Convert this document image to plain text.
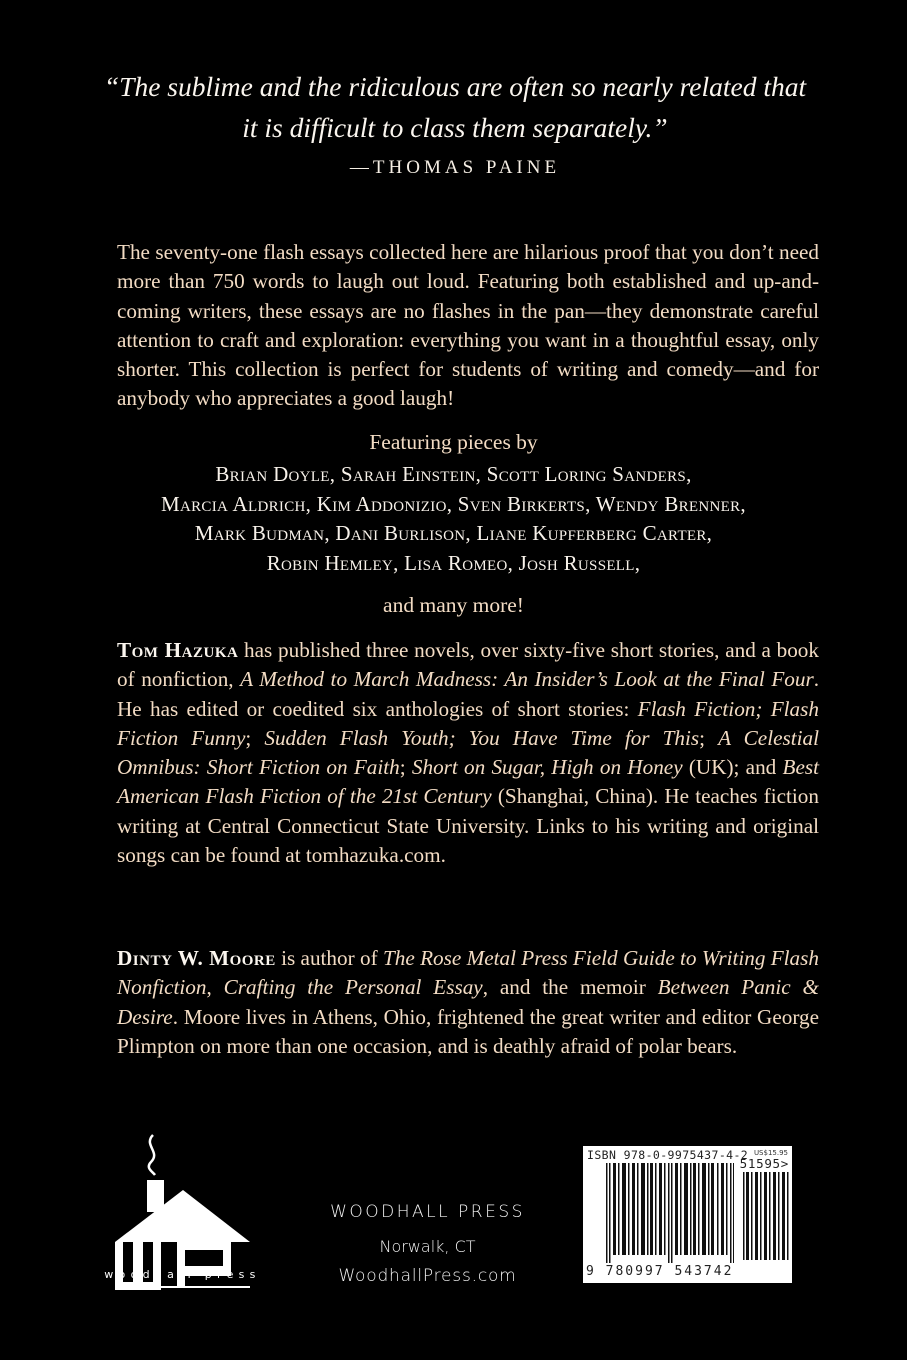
“The sublime and the ridiculous are often so nearly related that it is difficult to class them separately.”
—THOMAS PAINE
The seventy-one flash essays collected here are hilarious proof that you don’t need more than 750 words to laugh out loud. Featuring both established and up-and-coming writers, these essays are no flashes in the pan—they demonstrate careful attention to craft and exploration: everything you want in a thoughtful essay, only shorter. This collection is perfect for students of writing and comedy—and for anybody who appreciates a good laugh!
Featuring pieces by
Brian Doyle, Sarah Einstein, Scott Loring Sanders,
Marcia Aldrich, Kim Addonizio, Sven Birkerts, Wendy Brenner,
Mark Budman, Dani Burlison, Liane Kupferberg Carter,
Robin Hemley, Lisa Romeo, Josh Russell,
and many more!
Tom Hazuka has published three novels, over sixty-five short stories, and a book of nonfiction, A Method to March Madness: An Insider’s Look at the Final Four. He has edited or coedited six anthologies of short stories: Flash Fiction; Flash Fiction Funny; Sudden Flash Youth; You Have Time for This; A Celestial Omnibus: Short Fiction on Faith; Short on Sugar, High on Honey (UK); and Best American Flash Fiction of the 21st Century (Shanghai, China). He teaches fiction writing at Central Connecticut State University. Links to his writing and original songs can be found at tomhazuka.com.
Dinty W. Moore is author of The Rose Metal Press Field Guide to Writing Flash Nonfiction, Crafting the Personal Essay, and the memoir Between Panic & Desire. Moore lives in Athens, Ohio, frightened the great writer and editor George Plimpton on more than one occasion, and is deathly afraid of polar bears.
woodhall press
WOODHALL PRESS
Norwalk, CT
WoodhallPress.com
ISBN 978-0-9975437-4-2 US$15.95
51595>
9 780997 543742
